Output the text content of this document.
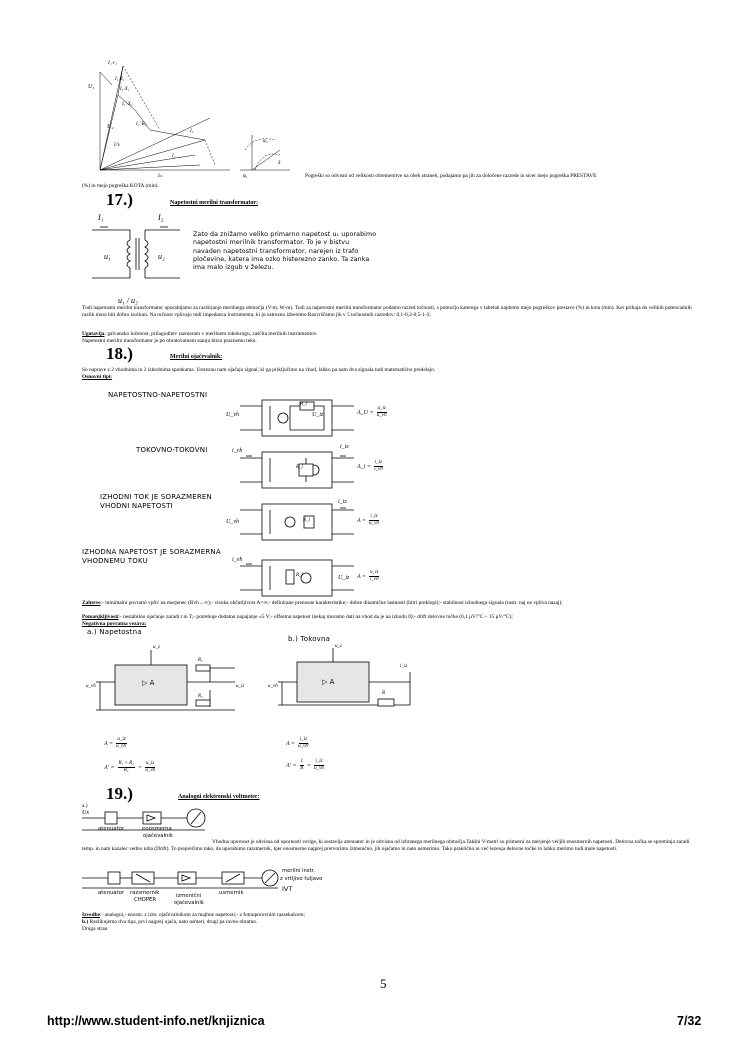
I₁·r₁
U₁	I₁·X₁
I₂'·X₂
I₁·R₁
U₂
Uᴜ
I₂'·R₂
I₁
I₂
Iₘ	φ₁
φ₂
δ
Pogreški so odvisni od velikosti obremenitve na obeh straneh, podajamo pa jih za določene razrede in sicer mejo pogreška PRESTAVE
(%) in mejo pogreška KOTA (min).
17.)	Napetostni merilni transformator:
I₁	I₂
u₁	u₂
u₁ / u₂
Zato da znižamo veliko primarno napetost u₁ uporabimo napetostni merilnik transformator. To je v bistvu navaden napetostni transformator, narejen iz trafo pločevine, katera ima ozko histerezno zanko. Ta zanka ima malo izgub v železu.
Tudi napetostni merilni transformator uporabljamo za razširjanje merilnega območja (V-m, W-m). Tudi za napetostni merilni transformator podamo razred točnosti, s pomočjo katerega v tabelah najdemo mejo pogreškov prestave (%) in kota (min). Ker prihaja do velikih potencialnih razlik mora biti dobro izoliran. Na točnost vplivajo tudi impedanca instrumenta, ki jo ustrezno izberemo Razvrščamo jih v 5 točnostnih razredov: 0,1-0,2-0,5-1-3;
Ugotavlja: galvansko ločenost, prilagoditev razmeram v merilnem tokokrogu, zaščita merilnih instrumentov.
Napetostni merilni transformator je po obratovalnem stanju blizu praznemu teku.
18.)	Merilni ojačevalnik:
So naprave z 2 vhodnima in 2 izhodnima sponkama. Ustrezno nam ojačajo signal, ki ga priključimo na vhod, lahko pa nam dva signala tudi matematično predelajo.
Osnovni tipi:
NAPETOSTNO-NAPETOSTNI
TOKOVNO-TOKOVNI
IZHODNI TOK JE SORAZMEREN VHODNI NAPETOSTI
IZHODNA NAPETOST JE SORAZMERNA VHODNEMU TOKU
U_vh	U_iz
R_i
i_vh
i_iz
R_i
U_vh
i_iz
R_i
i_vh
U_iz
R_i
A_U = $\frac{u\_iz}{u\_vh}$
A_i = $\frac{i\_iz}{i\_vh}$
$A = \frac{i\_iz}{u\_vh}$
$A = \frac{u\_iz}{i\_vh}$
Zahteve:- minimalni povratni vpliv na merjenec (Rvh→∞);- visoka občutljivost A=∞;- definirane prenosne karakteristike;- dobre dinamične lastnosti (hitri preklopi);- stabilnost izhodnega signala (instr. naj ne vpliva nazaj);
Pomanjkljivosti:- nestabilno ojačanje zaradi t in T;- potrebuje dodatno napajanje ±5 V;- offsetna napetost (nekaj moramo dati na vhod da je na izhodu 0);- drift delovne točke (0,1 μV/°C ÷ 15 μV/°C);
Negativna povratna vezava:
a.) Napetostna
b.) Tokovna
▷ A	▷ A
u_z
u_vh	u_iz
R₂
R₁
u_z
u_vh
i_iz
R
$A = \frac{u\_iz}{u\_vh'}$
$A' = \frac{\text{R₁ + R₂}}{\text{R₁}} = \frac{u\_iz}{u\_vh}$
$A = \frac{i\_iz}{u\_vh'}$
$A' = \frac{1}{R} = \frac{i\_iz}{u\_vh}$
19.)	Analogni elektronski voltmeter:
a.)
Ux
atenuator	enosmerna
ojačevalnik
Vhodna upornost je odvisna od upornosti verige, ki sestavlja atenuator in je odvisna od izbranega merilnega območja.Takšni V-metri so primerni za merjenje večjih enosmernih napetosti. Delovna točka se spreminja zaradi temp. in nam kazalec vedno niha (Drift). To preprečimo tako, da uporabimo razsmernik, kjer enosmerne najprej pretvorimo izmenično, jih ojačamo in nato usmerimo. Tako praktično ni več lezenja delovne točke in lahko merimo tudi male napetosti.
atenuator razsmernik
CHOPER
izmenični
ojačevalnik
usmernik
merilni instr.
z vrtljivo tuljavo
IVT
Izvedbe:- analogni,- enosm. z izm. ojačevalnikom za majhne napetosti;- z fotouporovnim razsekalcem;
b.) Razlikujemo dva tipa, prvi najprej ojača, nato usmeri, drugi pa ravno obratno.
Druga stran
5
http://www.student-info.net/knjiznica	7/32
